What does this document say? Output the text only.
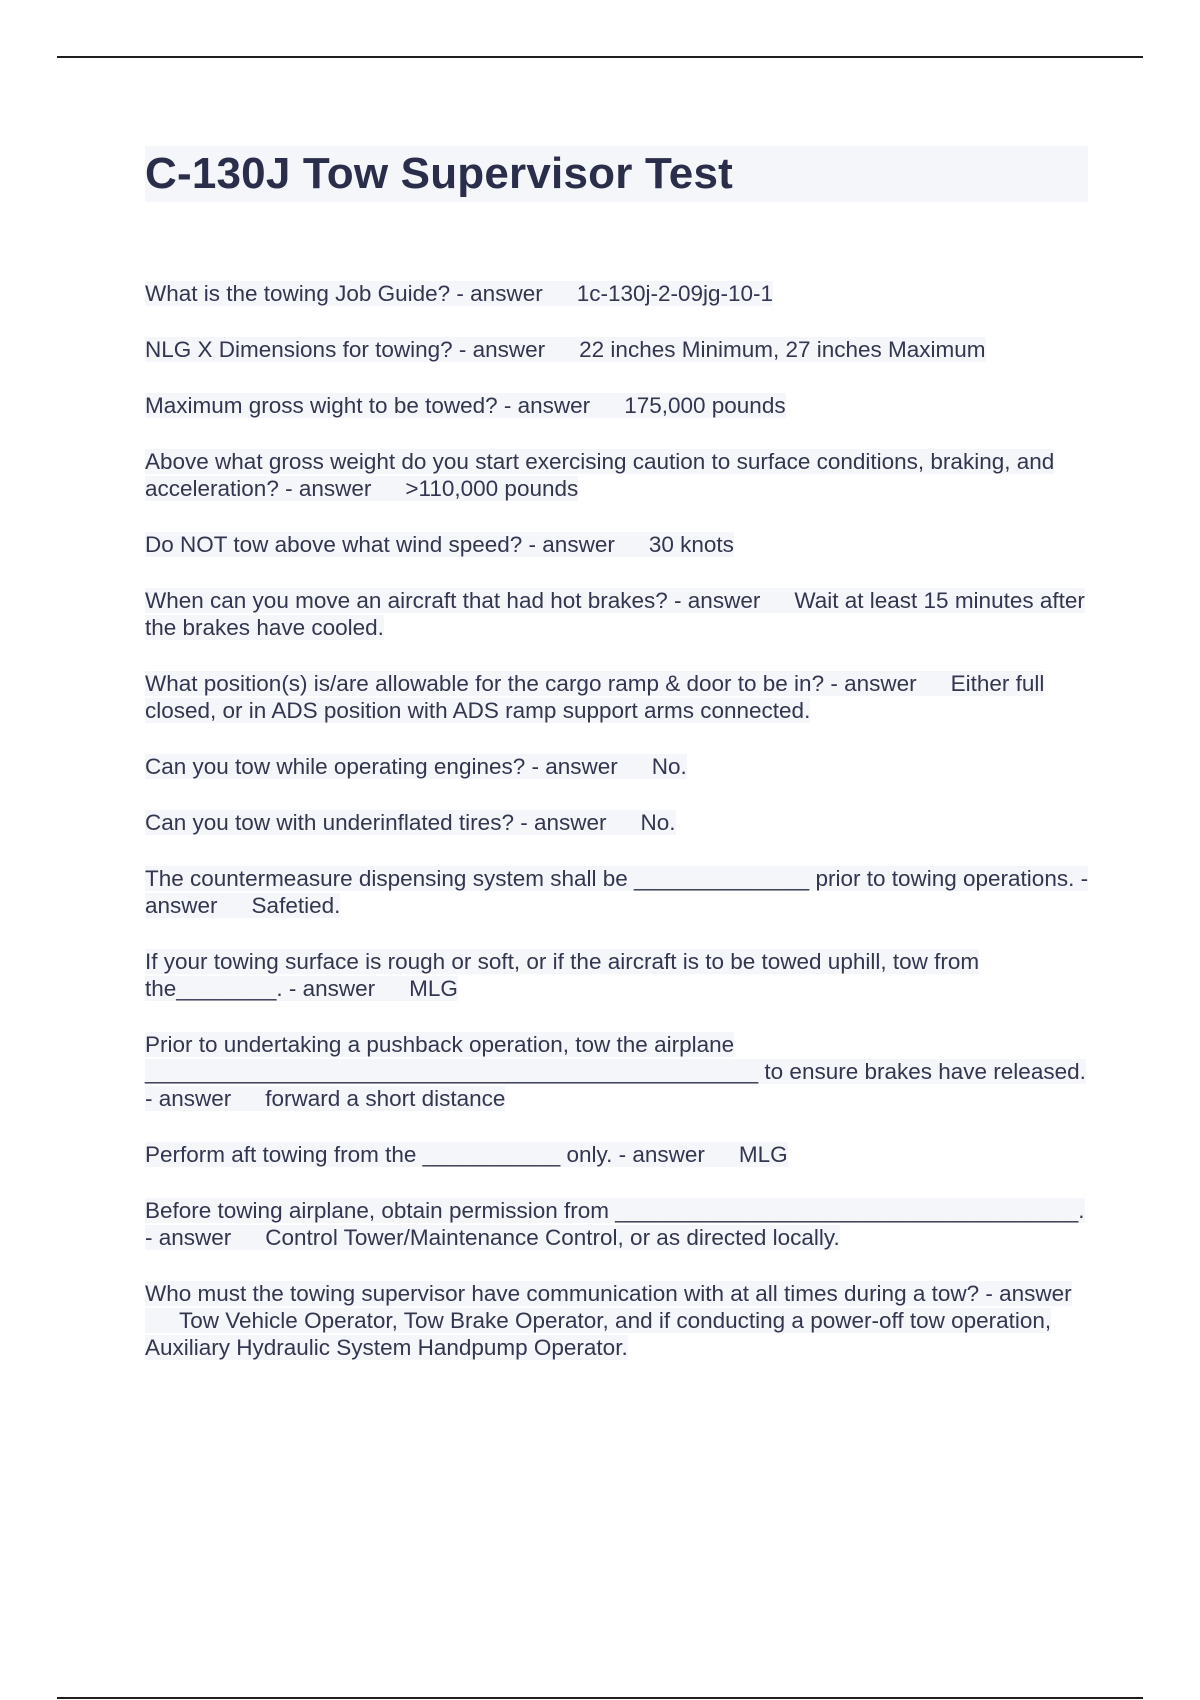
C-130J Tow Supervisor Test

What is the towing Job Guide? - answer 1c-130j-2-09jg-10-1

NLG X Dimensions for towing? - answer 22 inches Minimum, 27 inches Maximum

Maximum gross wight to be towed? - answer 175,000 pounds

Above what gross weight do you start exercising caution to surface conditions, braking, and acceleration? - answer >110,000 pounds

Do NOT tow above what wind speed? - answer 30 knots

When can you move an aircraft that had hot brakes? - answer Wait at least 15 minutes after the brakes have cooled.

What position(s) is/are allowable for the cargo ramp & door to be in? - answer Either full closed, or in ADS position with ADS ramp support arms connected.

Can you tow while operating engines? - answer No.

Can you tow with underinflated tires? - answer No.

The countermeasure dispensing system shall be ______________ prior to towing operations. - answer Safetied.

If your towing surface is rough or soft, or if the aircraft is to be towed uphill, tow from the________. - answer MLG

Prior to undertaking a pushback operation, tow the airplane _________________________________________________ to ensure brakes have released. - answer forward a short distance

Perform aft towing from the ___________ only. - answer MLG

Before towing airplane, obtain permission from _____________________________________. - answer Control Tower/Maintenance Control, or as directed locally.

Who must the towing supervisor have communication with at all times during a tow? - answerTow Vehicle Operator, Tow Brake Operator, and if conducting a power-off tow operation, Auxiliary Hydraulic System Handpump Operator.
